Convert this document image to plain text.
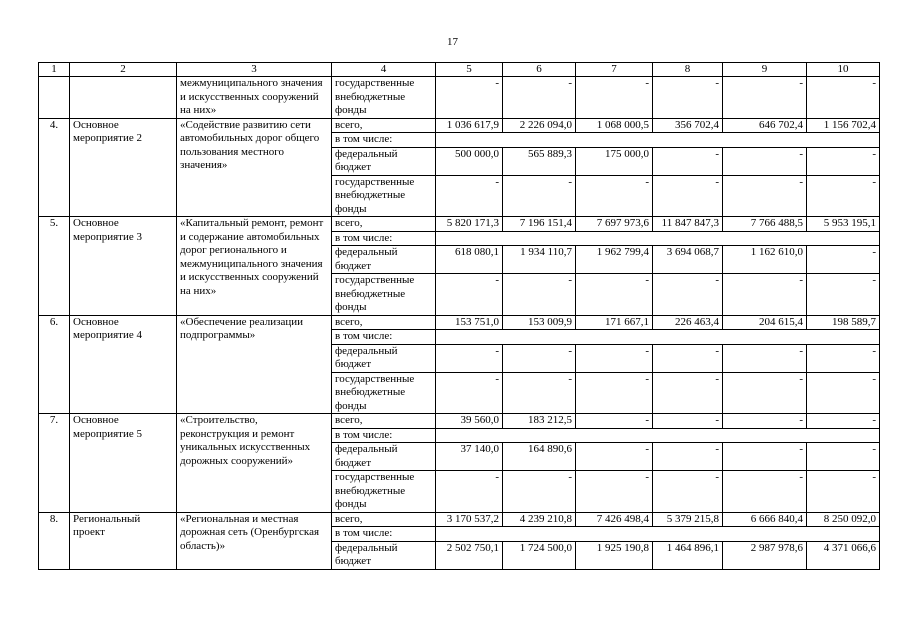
17
1	2	3	4	5	6	7	8	9	10
		межмуниципального значения и искусственных сооружений на них»	государственные внебюджетные фонды	-	-	-	-	-	-
4.	Основное мероприятие 2	«Содействие развитию сети автомобильных дорог общего пользования местного значения»	всего,	1 036 617,9	2 226 094,0	1 068 000,5	356 702,4	646 702,4	1 156 702,4
			в том числе:						
			федеральный бюджет	500 000,0	565 889,3	175 000,0	-	-	-
			государственные внебюджетные фонды	-	-	-	-	-	-
5.	Основное мероприятие 3	«Капитальный ремонт, ремонт и содержание автомобильных дорог регионального и межмуниципального значения и искусственных сооружений на них»	всего,	5 820 171,3	7 196 151,4	7 697 973,6	11 847 847,3	7 766 488,5	5 953 195,1
			в том числе:						
			федеральный бюджет	618 080,1	1 934 110,7	1 962 799,4	3 694 068,7	1 162 610,0	-
			государственные внебюджетные фонды	-	-	-	-	-	-
6.	Основное мероприятие 4	«Обеспечение реализации подпрограммы»	всего,	153 751,0	153 009,9	171 667,1	226 463,4	204 615,4	198 589,7
			в том числе:						
			федеральный бюджет	-	-	-	-	-	-
			государственные внебюджетные фонды	-	-	-	-	-	-
7.	Основное мероприятие 5	«Строительство, реконструкция и ремонт уникальных искусственных дорожных сооружений»	всего,	39 560,0	183 212,5	-	-	-	-
			в том числе:						
			федеральный бюджет	37 140,0	164 890,6	-	-	-	-
			государственные внебюджетные фонды	-	-	-	-	-	-
8.	Региональный проект	«Региональная и местная дорожная сеть (Оренбургская область)»	всего,	3 170 537,2	4 239 210,8	7 426 498,4	5 379 215,8	6 666 840,4	8 250 092,0
			в том числе:						
			федеральный бюджет	2 502 750,1	1 724 500,0	1 925 190,8	1 464 896,1	2 987 978,6	4 371 066,6
